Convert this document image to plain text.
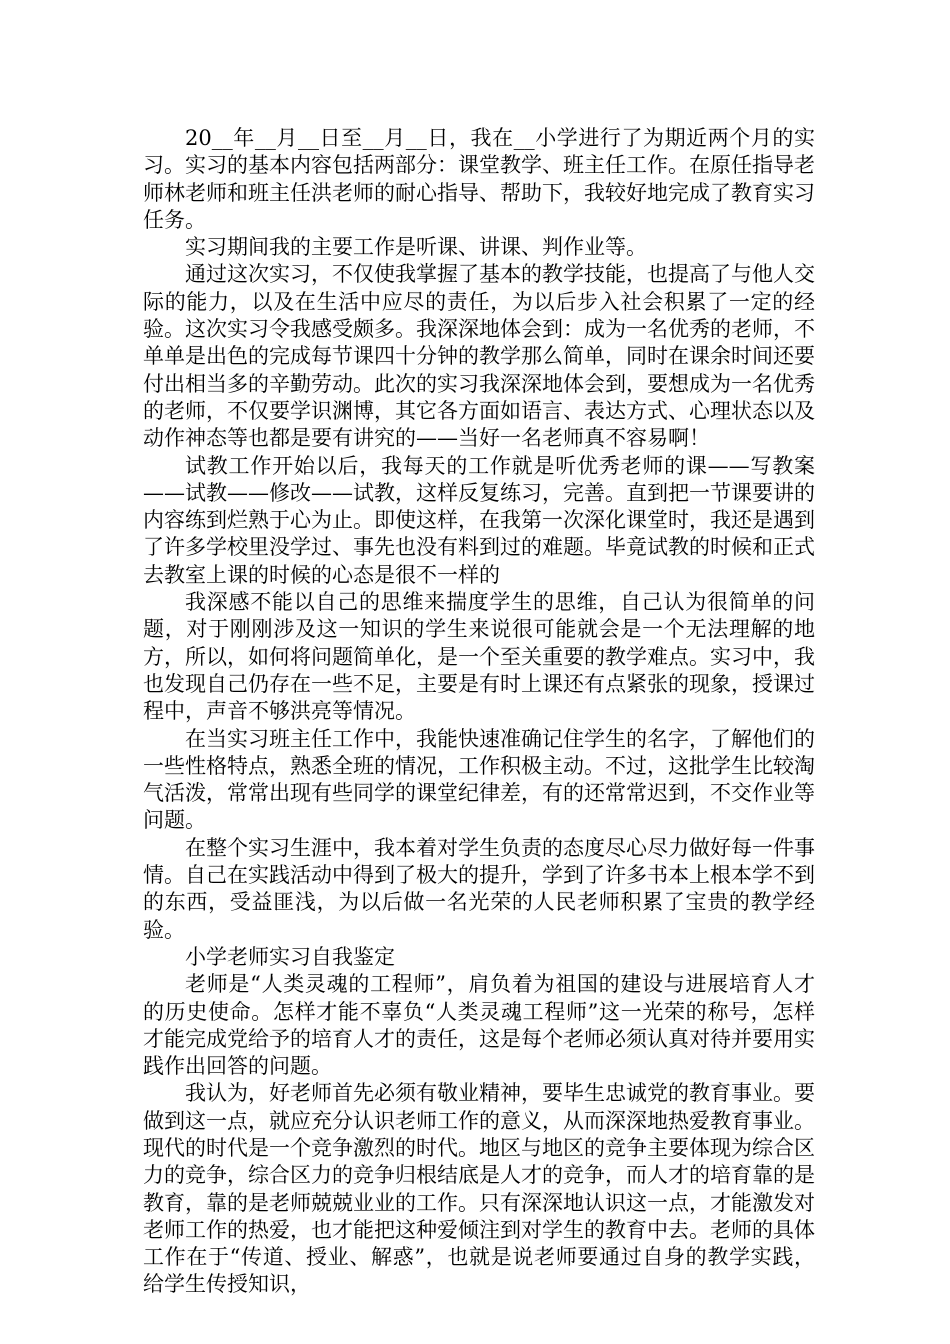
20__年__月__日至__月__日，我在__小学进行了为期近两个月的实习。实习的基本内容包括两部分：课堂教学、班主任工作。在原任指导老师林老师和班主任洪老师的耐心指导、帮助下，我较好地完成了教育实习任务。

实习期间我的主要工作是听课、讲课、判作业等。

通过这次实习，不仅使我掌握了基本的教学技能，也提高了与他人交际的能力，以及在生活中应尽的责任，为以后步入社会积累了一定的经验。这次实习令我感受颇多。我深深地体会到：成为一名优秀的老师，不单单是出色的完成每节课四十分钟的教学那么简单，同时在课余时间还要付出相当多的辛勤劳动。此次的实习我深深地体会到，要想成为一名优秀的老师，不仅要学识渊博，其它各方面如语言、表达方式、心理状态以及动作神态等也都是要有讲究的——当好一名老师真不容易啊！

试教工作开始以后，我每天的工作就是听优秀老师的课——写教案——试教——修改——试教，这样反复练习，完善。直到把一节课要讲的内容练到烂熟于心为止。即使这样，在我第一次深化课堂时，我还是遇到了许多学校里没学过、事先也没有料到过的难题。毕竟试教的时候和正式去教室上课的时候的心态是很不一样的

我深感不能以自己的思维来揣度学生的思维，自己认为很简单的问题，对于刚刚涉及这一知识的学生来说很可能就会是一个无法理解的地方，所以，如何将问题简单化，是一个至关重要的教学难点。实习中，我也发现自己仍存在一些不足，主要是有时上课还有点紧张的现象，授课过程中，声音不够洪亮等情况。

在当实习班主任工作中，我能快速准确记住学生的名字，了解他们的一些性格特点，熟悉全班的情况，工作积极主动。不过，这批学生比较淘气活泼，常常出现有些同学的课堂纪律差，有的还常常迟到，不交作业等问题。

在整个实习生涯中，我本着对学生负责的态度尽心尽力做好每一件事情。自己在实践活动中得到了极大的提升，学到了许多书本上根本学不到的东西，受益匪浅，为以后做一名光荣的人民老师积累了宝贵的教学经验。

小学老师实习自我鉴定

老师是“人类灵魂的工程师”，肩负着为祖国的建设与进展培育人才的历史使命。怎样才能不辜负“人类灵魂工程师”这一光荣的称号，怎样才能完成党给予的培育人才的责任，这是每个老师必须认真对待并要用实践作出回答的问题。

我认为，好老师首先必须有敬业精神，要毕生忠诚党的教育事业。要做到这一点，就应充分认识老师工作的意义，从而深深地热爱教育事业。现代的时代是一个竞争激烈的时代。地区与地区的竞争主要体现为综合区力的竞争，综合区力的竞争归根结底是人才的竞争，而人才的培育靠的是教育，靠的是老师兢兢业业的工作。只有深深地认识这一点，才能激发对老师工作的热爱，也才能把这种爱倾注到对学生的教育中去。老师的具体工作在于“传道、授业、解惑”，也就是说老师要通过自身的教学实践，给学生传授知识，
